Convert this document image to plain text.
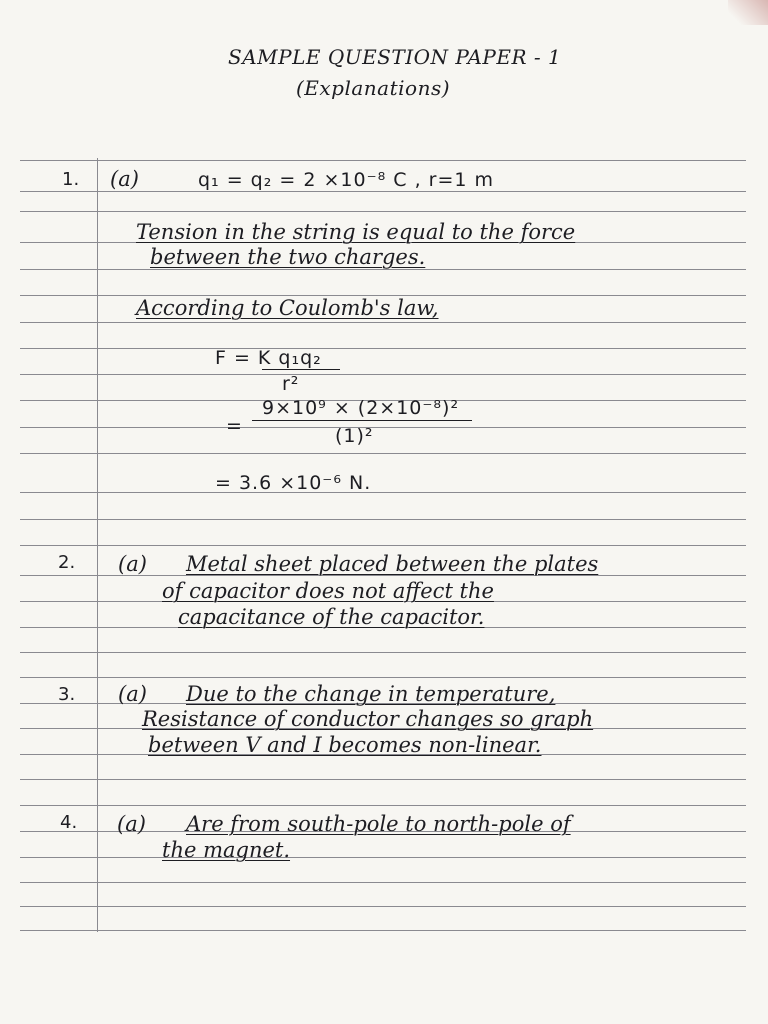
SAMPLE QUESTION PAPER - 1
(Explanations)
1. (a)	q₁ = q₂ = 2 ×10⁻⁸ C , r=1 m
Tension in the string is equal to the force
between the two charges.
According to Coulomb's law,
F = K q₁q₂
r²
9×10⁹ × (2×10⁻⁸)²
=	(1)²
= 3.6 ×10⁻⁶ N.
2. (a) Metal sheet placed between the plates
of capacitor does not affect the
capacitance of the capacitor.
3. (a) Due to the change in temperature,
Resistance of conductor changes so graph
between V and I becomes non-linear.
4. (a) Are from south-pole to north-pole of
the magnet.
